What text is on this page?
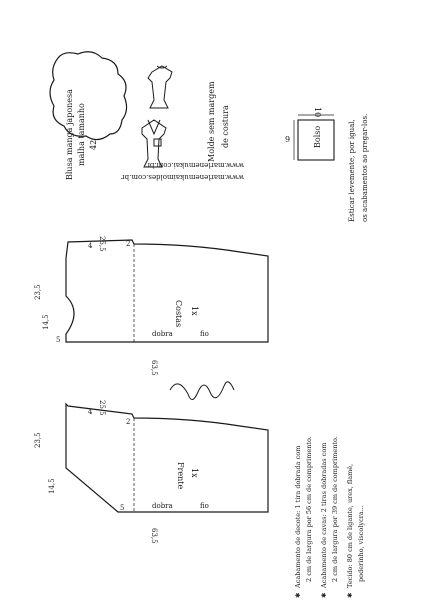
Blusa manga japonesa malha tamanho 42	Molde sem margem de costura
www.marlenemukaimoldes.com.br
www.marlenemukai.com.br
Bolso
9
10
Esticar levemente, por igual, os acabamentos ao pregar-los.
Costas 1x
dobra	fio
4 25,5	2
23,5
14,5
5
63,5
Marlene Mukai
Frente 1x
dobra	fio
4 25,5
2
23,5
14,5
5
63,5	Acabamento de decote: 1 tira dobrada com 2 cm de largura por 56 cm de comprimento. Acabamento de cavas: 2 tiras dobradas com 2 cm de largura por 39 cm de comprimento. Tecido: 80 cm de ligante, urex, flamê, poderinho, viscolycra...
✱	✱	✱
